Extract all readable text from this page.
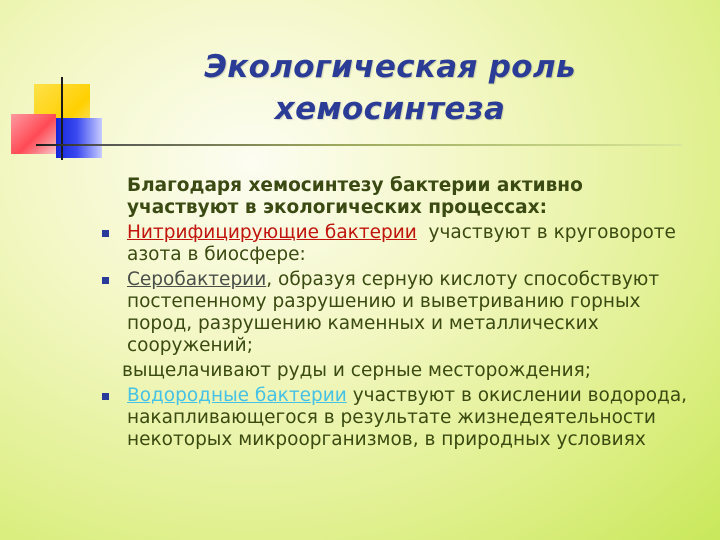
Экологическая роль
хемосинтеза
Благодаря хемосинтезу бактерии активно участвуют в экологических процессах:
Нитрифицирующие бактерии  участвуют в круговороте азота в биосфере:
Серобактерии, образуя серную кислоту способствуют постепенному разрушению и выветриванию горных пород, разрушению каменных и металлических сооружений;
выщелачивают руды и серные месторождения;
Водородные бактерии участвуют в окислении водорода, накапливающегося в результате жизнедеятельности некоторых микроорганизмов, в природных условиях
